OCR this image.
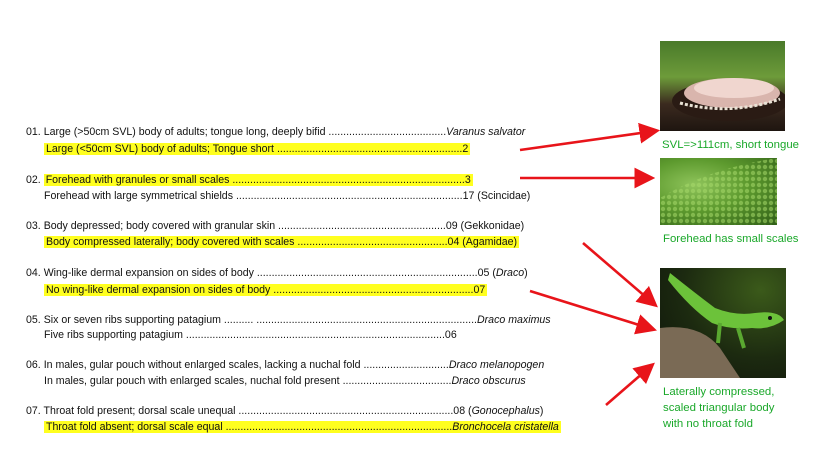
01. Large (>50cm SVL) body of adults; tongue long, deeply bifid ........................................Varanus salvator
Large (<50cm SVL) body of adults; Tongue short ...............................................................2
02. Forehead with granules or small scales ...............................................................................3
Forehead with large symmetrical shields .............................................................................17 (Scincidae)
03. Body depressed; body covered with granular skin .........................................................09 (Gekkonidae)
Body compressed laterally; body covered with scales ...................................................04 (Agamidae)
04. Wing-like dermal expansion on sides of body ...........................................................................05 (Draco)
No wing-like dermal expansion on sides of body ....................................................................07
05. Six or seven ribs supporting patagium .......... ...........................................................................Draco maximus
Five ribs supporting patagium ........................................................................................06
06. In males, gular pouch without enlarged scales, lacking a nuchal fold .............................Draco melanopogen
In males, gular pouch with enlarged scales, nuchal fold present .....................................Draco obscurus
07. Throat fold present; dorsal scale unequal .........................................................................08 (Gonocephalus)
Throat fold absent; dorsal scale equal .............................................................................Bronchocela cristatella
SVL=>111cm, short tongue
Forehead has small scales
Laterally compressed,
scaled triangular body
with no throat fold
